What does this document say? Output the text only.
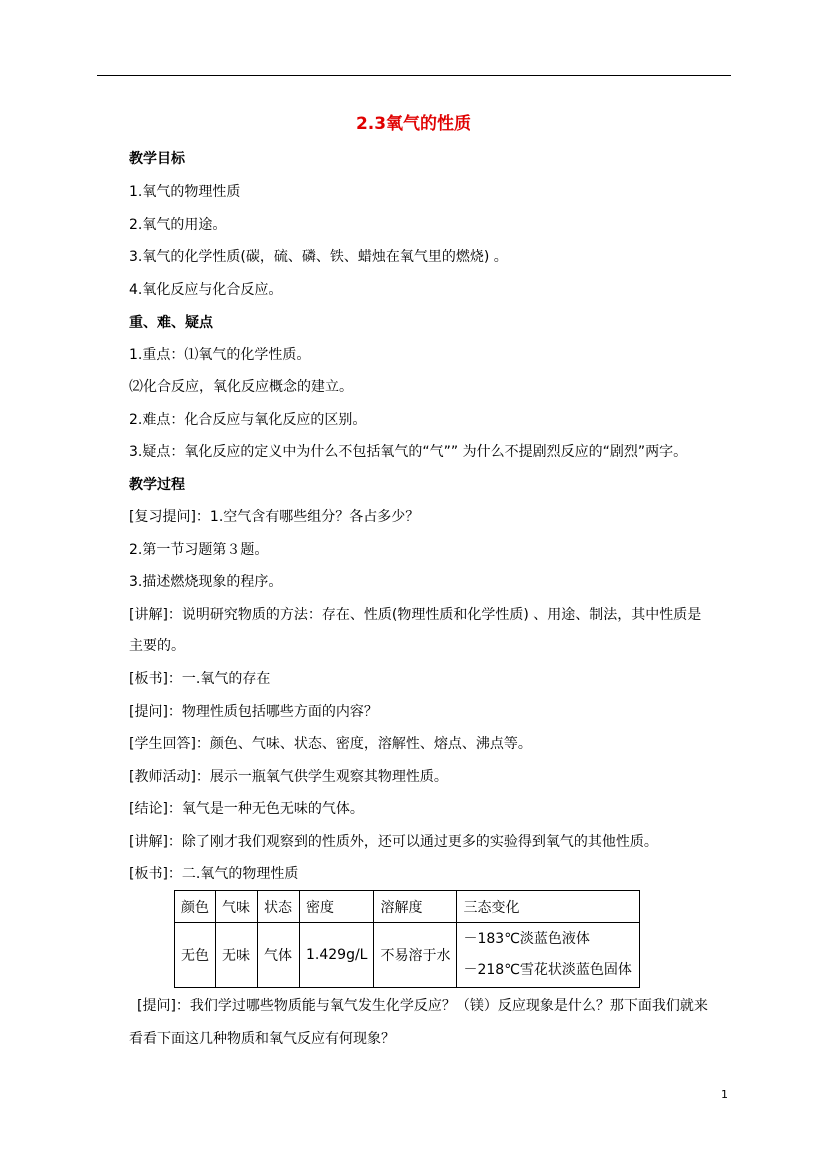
2.3氧气的性质
教学目标
1.氧气的物理性质
2.氧气的用途。
3.氧气的化学性质(碳，硫、磷、铁、蜡烛在氧气里的燃烧) 。
4.氧化反应与化合反应。
重、难、疑点
1.重点：⑴氧气的化学性质。
⑵化合反应，氧化反应概念的建立。
2.难点：化合反应与氧化反应的区别。
3.疑点：氧化反应的定义中为什么不包括氧气的“气”” 为什么不提剧烈反应的“剧烈”两字。
教学过程
[复习提问]：1.空气含有哪些组分？各占多少？
2.第一节习题第３题。
3.描述燃烧现象的程序。
[讲解]：说明研究物质的方法：存在、性质(物理性质和化学性质) 、用途、制法，其中性质是
主要的。
[板书]：一.氧气的存在
[提问]：物理性质包括哪些方面的内容？
[学生回答]：颜色、气味、状态、密度，溶解性、熔点、沸点等。
[教师活动]：展示一瓶氧气供学生观察其物理性质。
[结论]：氧气是一种无色无味的气体。
[讲解]：除了刚才我们观察到的性质外，还可以通过更多的实验得到氧气的其他性质。
[板书]：二.氧气的物理性质
颜色	气味	状态	密度	溶解度	三态变化
无色	无味	气体	1.429g/L	不易溶于水	－183℃淡蓝色液体
－218℃雪花状淡蓝色固体
[提问]：我们学过哪些物质能与氧气发生化学反应？（镁）反应现象是什么？那下面我们就来
看看下面这几种物质和氧气反应有何现象？
1
